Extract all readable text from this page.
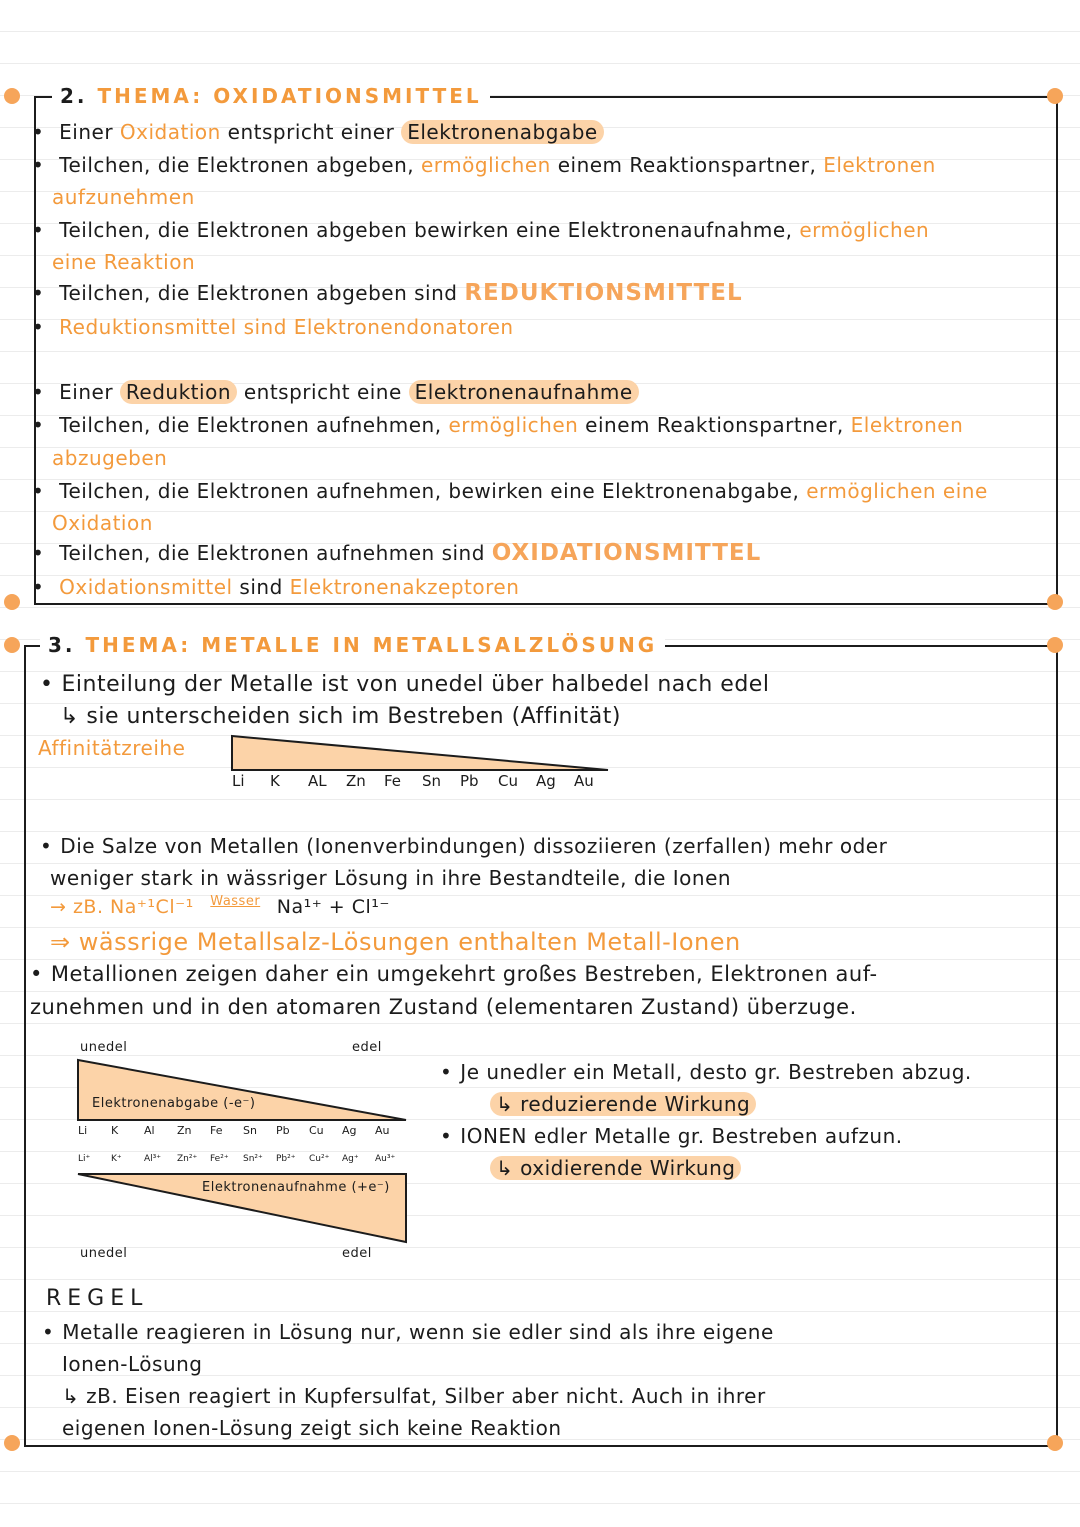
2. THEMA: OXIDATIONSMITTEL
• Einer Oxidation entspricht einer Elektronenabgabe
• Teilchen, die Elektronen abgeben, ermöglichen einem Reaktionspartner, Elektronen
aufzunehmen
• Teilchen, die Elektronen abgeben bewirken eine Elektronenaufnahme, ermöglichen
eine Reaktion
• Teilchen, die Elektronen abgeben sind REDUKTIONSMITTEL
• Reduktionsmittel sind Elektronendonatoren
• Einer Reduktion entspricht eine Elektronenaufnahme
• Teilchen, die Elektronen aufnehmen, ermöglichen einem Reaktionspartner, Elektronen
abzugeben
• Teilchen, die Elektronen aufnehmen, bewirken eine Elektronenabgabe, ermöglichen eine
Oxidation
• Teilchen, die Elektronen aufnehmen sind OXIDATIONSMITTEL
• Oxidationsmittel sind Elektronenakzeptoren
3. THEMA: METALLE IN METALLSALZLÖSUNG
• Einteilung der Metalle ist von unedel über halbedel nach edel
↳ sie unterscheiden sich im Bestreben (Affinität)
Affinitätzreihe
Li K AL Zn Fe Sn Pb Cu Ag Au
• Die Salze von Metallen (Ionenverbindungen) dissoziieren (zerfallen) mehr oder
weniger stark in wässriger Lösung in ihre Bestandteile, die Ionen
→ zB. Na⁺¹Cl⁻¹ $^{Wasser}$ Na¹⁺ + Cl¹⁻
⇒ wässrige Metallsalz-Lösungen enthalten Metall-Ionen
• Metallionen zeigen daher ein umgekehrt großes Bestreben, Elektronen auf-
zunehmen und in den atomaren Zustand (elementaren Zustand) überzuge.
unedel	edel
Elektronenabgabe (-e⁻)
Li K Al Zn Fe Sn Pb Cu Ag Au
Li⁺ K⁺ Al³⁺ Zn²⁺ Fe²⁺ Sn²⁺ Pb²⁺ Cu²⁺ Ag⁺ Au³⁺
Elektronenaufnahme (+e⁻)
unedel	edel
• Je unedler ein Metall, desto gr. Bestreben abzug.
↳ reduzierende Wirkung
• IONEN edler Metalle gr. Bestreben aufzun.
↳ oxidierende Wirkung
REGEL
• Metalle reagieren in Lösung nur, wenn sie edler sind als ihre eigene
Ionen-Lösung
↳ zB. Eisen reagiert in Kupfersulfat, Silber aber nicht. Auch in ihrer
eigenen Ionen-Lösung zeigt sich keine Reaktion
